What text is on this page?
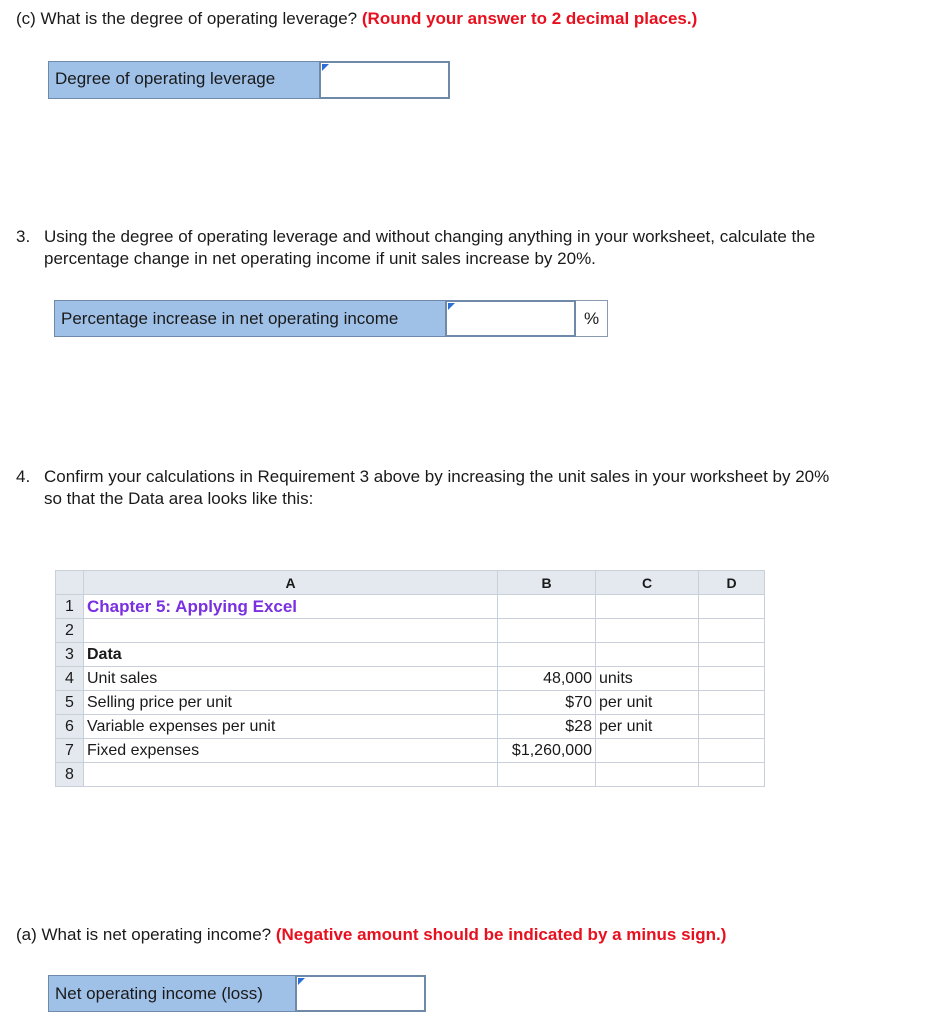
(c) What is the degree of operating leverage? (Round your answer to 2 decimal places.)
Degree of operating leverage
3. Using the degree of operating leverage and without changing anything in your worksheet, calculate the
percentage change in net operating income if unit sales increase by 20%.
Percentage increase in net operating income	%
4. Confirm your calculations in Requirement 3 above by increasing the unit sales in your worksheet by 20%
so that the Data area looks like this:
	A	B	C	D
1	Chapter 5: Applying Excel			
2				
3	Data			
4	Unit sales	48,000	units	
5	Selling price per unit	$70	per unit	
6	Variable expenses per unit	$28	per unit	
7	Fixed expenses	$1,260,000		
8				
(a) What is net operating income? (Negative amount should be indicated by a minus sign.)
Net operating income (loss)
